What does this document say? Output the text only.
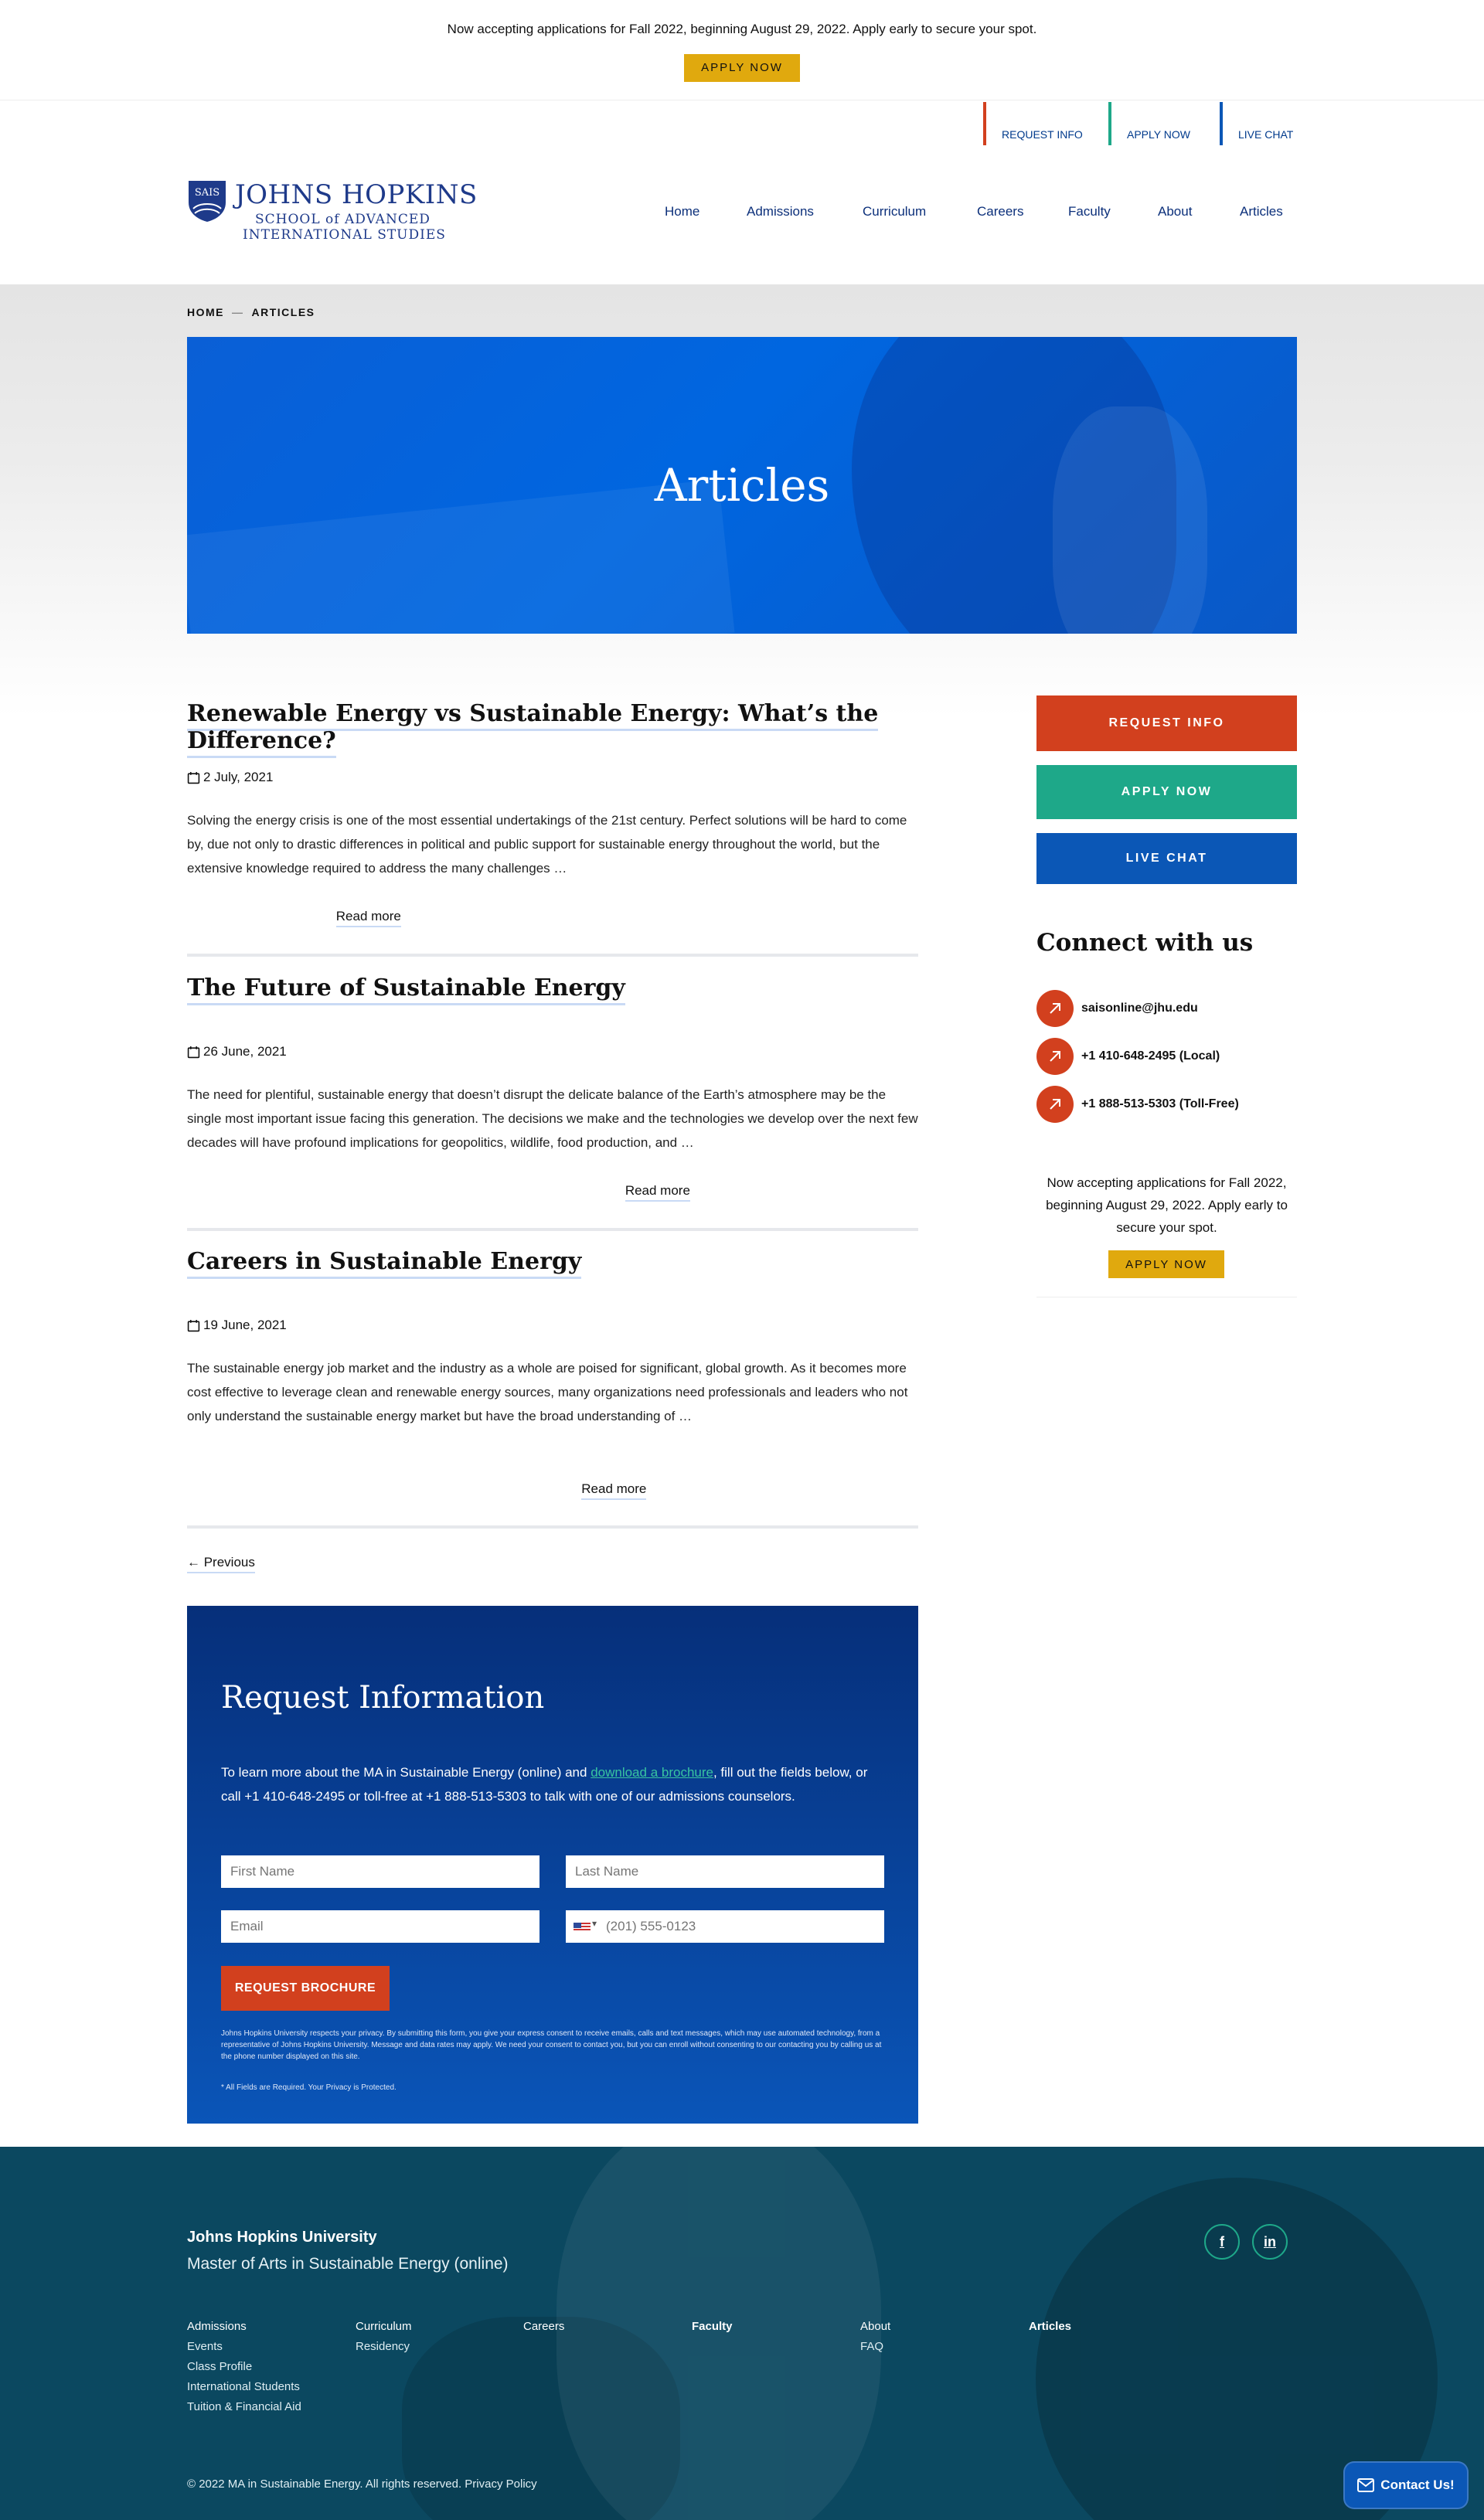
Now accepting applications for Fall 2022, beginning August 29, 2022. Apply early to secure your spot.
APPLY NOW
REQUEST INFO	APPLY NOW	LIVE CHAT
SAIS JOHNS HOPKINS
SCHOOL of ADVANCED
INTERNATIONAL STUDIES
Home	Admissions	Curriculum	Careers	Faculty	About	Articles
HOME — ARTICLES
Articles
Renewable Energy vs Sustainable Energy: What’s the Difference?
2 July, 2021

Solving the energy crisis is one of the most essential undertakings of the 21st century. Perfect solutions will be hard to come by, due not only to drastic differences in political and public support for sustainable energy throughout the world, but the extensive knowledge required to address the many challenges …

Read more
The Future of Sustainable Energy
26 June, 2021

The need for plentiful, sustainable energy that doesn’t disrupt the delicate balance of the Earth’s atmosphere may be the single most important issue facing this generation. The decisions we make and the technologies we develop over the next few decades will have profound implications for geopolitics, wildlife, food production, and …

Read more
Careers in Sustainable Energy
19 June, 2021

The sustainable energy job market and the industry as a whole are poised for significant, global growth. As it becomes more cost effective to leverage clean and renewable energy sources, many organizations need professionals and leaders who not only understand the sustainable energy market but have the broad understanding of …

Read more
← Previous
Request Information

To learn more about the MA in Sustainable Energy (online) and download a brochure, fill out the fields below, or call +1 410-648-2495 or toll-free at +1 888-513-5303 to talk with one of our admissions counselors.

First Name
Last Name
Email
(201) 555-0123
▾
REQUEST BROCHURE

Johns Hopkins University respects your privacy. By submitting this form, you give your express consent to receive emails, calls and text messages, which may use automated technology, from a representative of Johns Hopkins University. Message and data rates may apply. We need your consent to contact you, but you can enroll without consenting to our contacting you by calling us at the phone number displayed on this site.

* All Fields are Required. Your Privacy is Protected.

REQUEST INFO
APPLY NOW
LIVE CHAT
Connect with us
saisonline@jhu.edu
+1 410-648-2495 (Local)
+1 888-513-5303 (Toll-Free)

Now accepting applications for Fall 2022, beginning August 29, 2022. Apply early to secure your spot.

APPLY NOW
Johns Hopkins University
Master of Arts in Sustainable Energy (online)
f	in
Admissions
Events
Class Profile
International Students
Tuition & Financial Aid
Curriculum
Residency
Careers	Faculty	About
FAQ
Articles
© 2022 MA in Sustainable Energy. All rights reserved. Privacy Policy	Contact Us!
